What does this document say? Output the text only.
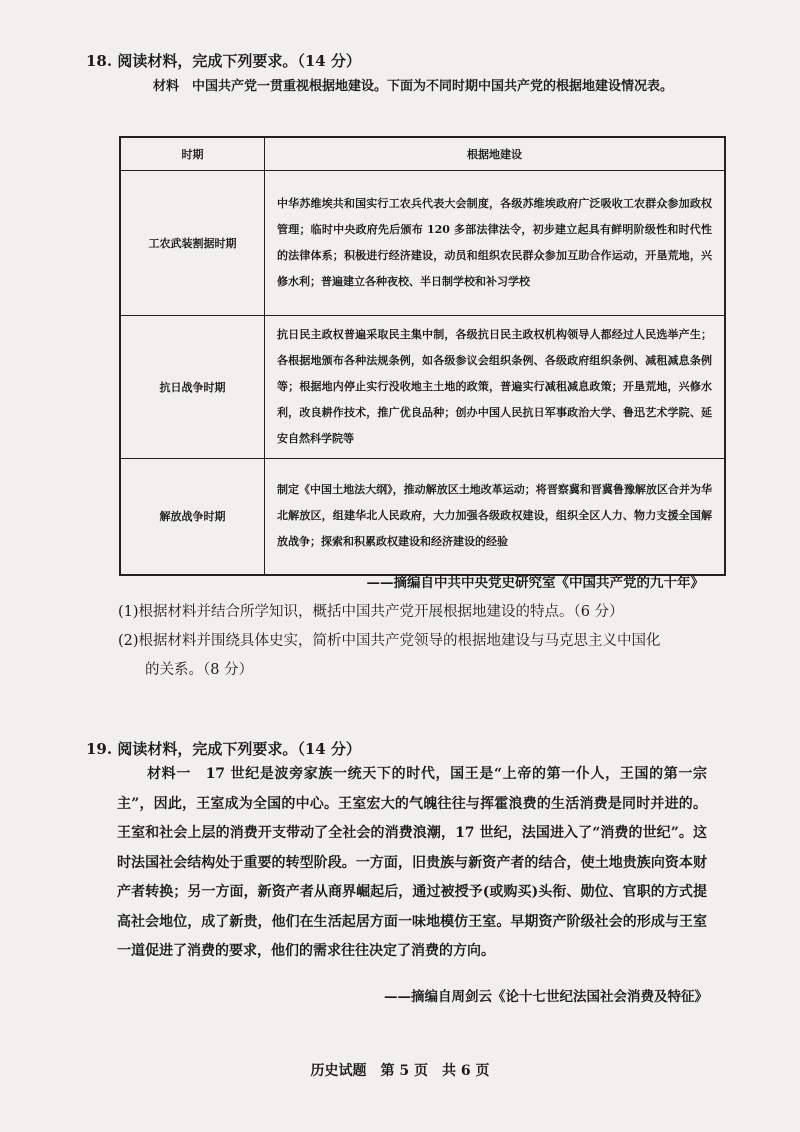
18. 阅读材料，完成下列要求。（14 分）
材料　 中国共产党一贯重视根据地建设。下面为不同时期中国共产党的根据地建设情况表。
时期	根据地建设
工农武装割据时期	中华苏维埃共和国实行工农兵代表大会制度，各级苏维埃政府广泛吸收工农群众参加政权管理；临时中央政府先后颁布 120 多部法律法令，初步建立起具有鲜明阶级性和时代性的法律体系；积极进行经济建设，动员和组织农民群众参加互助合作运动，开垦荒地，兴修水利；普遍建立各种夜校、半日制学校和补习学校
抗日战争时期	抗日民主政权普遍采取民主集中制，各级抗日民主政权机构领导人都经过人民选举产生；各根据地颁布各种法规条例，如各级参议会组织条例、各级政府组织条例、减租减息条例等；根据地内停止实行没收地主土地的政策，普遍实行减租减息政策；开垦荒地，兴修水利，改良耕作技术，推广优良品种；创办中国人民抗日军事政治大学、鲁迅艺术学院、延安自然科学院等
解放战争时期	制定《中国土地法大纲》，推动解放区土地改革运动；将晋察冀和晋冀鲁豫解放区合并为华北解放区，组建华北人民政府，大力加强各级政权建设，组织全区人力、物力支援全国解放战争；探索和积累政权建设和经济建设的经验
——摘编自中共中央党史研究室《中国共产党的九十年》
(1)根据材料并结合所学知识，概括中国共产党开展根据地建设的特点。（6 分）
(2)根据材料并围绕具体史实，简析中国共产党领导的根据地建设与马克思主义中国化
的关系。（8 分）
19. 阅读材料，完成下列要求。（14 分）
材料一　 17 世纪是波旁家族一统天下的时代，国王是“上帝的第一仆人，王国的第一宗主”，因此，王室成为全国的中心。王室宏大的气魄往往与挥霍浪费的生活消费是同时并进的。王室和社会上层的消费开支带动了全社会的消费浪潮，17 世纪，法国进入了“消费的世纪”。这时法国社会结构处于重要的转型阶段。一方面，旧贵族与新资产者的结合，使土地贵族向资本财产者转换；另一方面，新资产者从商界崛起后，通过被授予(或购买)头衔、勋位、官职的方式提高社会地位，成了新贵，他们在生活起居方面一味地模仿王室。早期资产阶级社会的形成与王室一道促进了消费的要求，他们的需求往往决定了消费的方向。
——摘编自周剑云《论十七世纪法国社会消费及特征》
历史试题　第 5 页　共 6 页
